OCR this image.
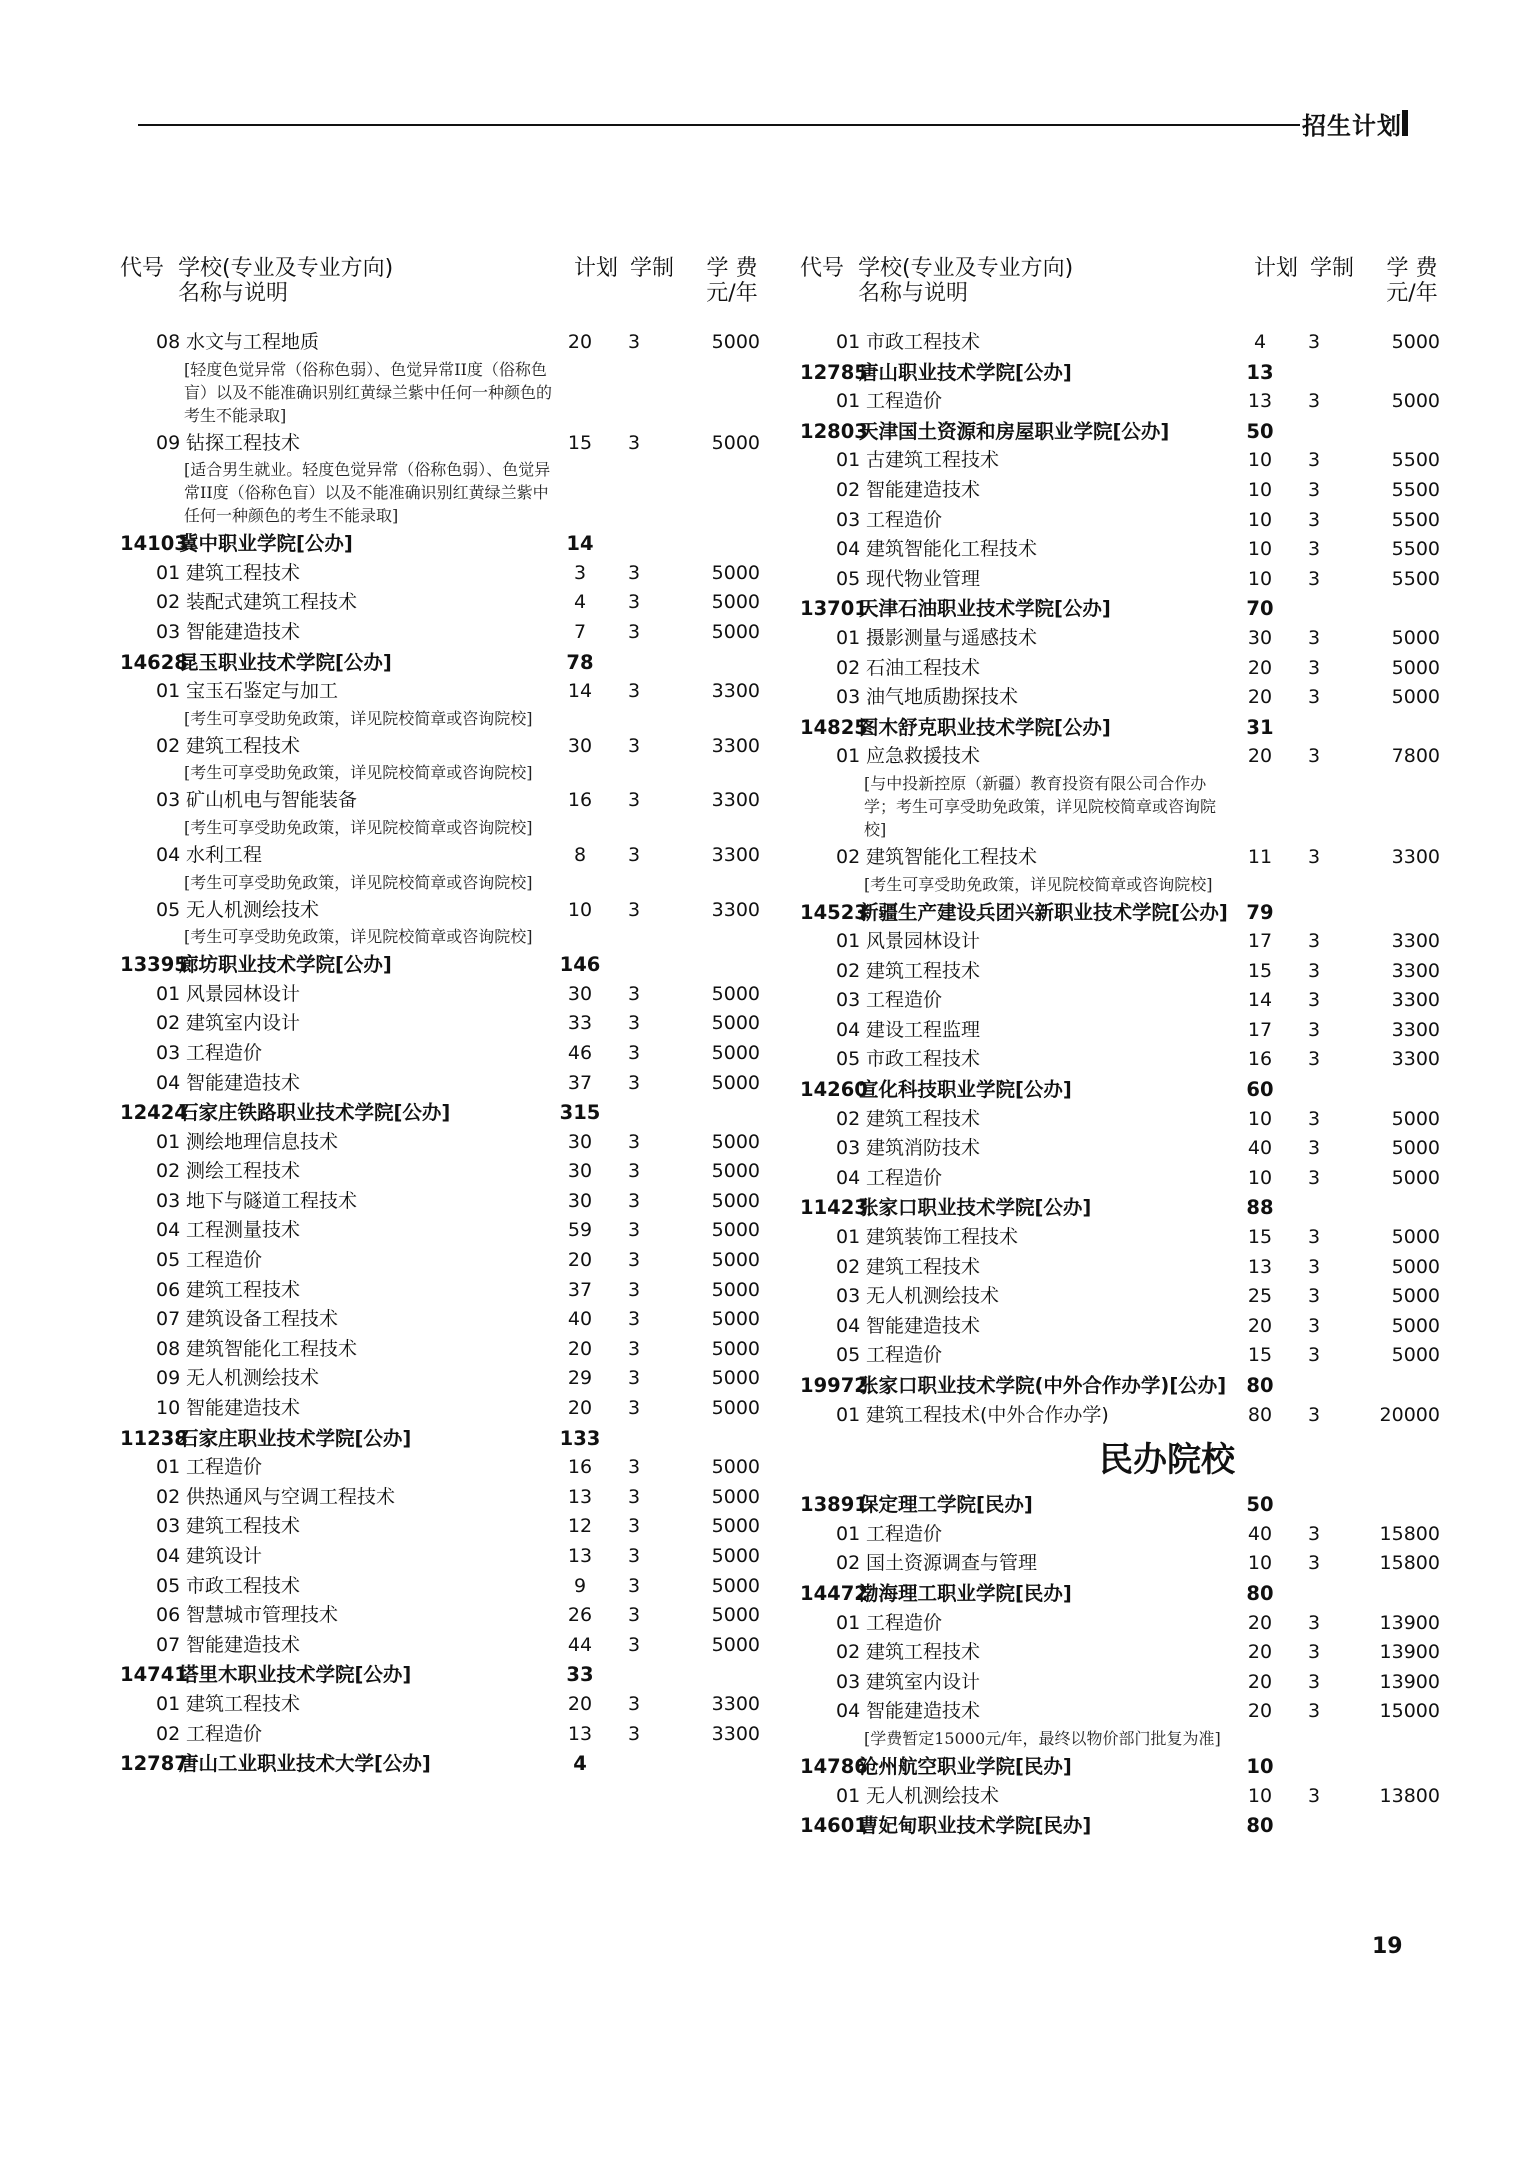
招生计划
代号 学校(专业及专业方向)
名称与说明
计划 学制 学 费
元/年
08 水文与工程地质	20	3	5000
[轻度色觉异常（俗称色弱）、色觉异常II度（俗称色盲）以及不能准确识别红黄绿兰紫中任何一种颜色的考生不能录取]
09 钻探工程技术	15	3	5000
[适合男生就业。轻度色觉异常（俗称色弱）、色觉异常II度（俗称色盲）以及不能准确识别红黄绿兰紫中任何一种颜色的考生不能录取]
14103
冀中职业学院[公办]	14
01 建筑工程技术	3	3	5000
02 装配式建筑工程技术	4	3	5000
03 智能建造技术	7	3	5000
14628
昆玉职业技术学院[公办]	78
01 宝玉石鉴定与加工	14	3	3300
[考生可享受助免政策，详见院校简章或咨询院校]
02 建筑工程技术	30	3	3300
[考生可享受助免政策，详见院校简章或咨询院校]
03 矿山机电与智能装备	16	3	3300
[考生可享受助免政策，详见院校简章或咨询院校]
04 水利工程	8	3	3300
[考生可享受助免政策，详见院校简章或咨询院校]
05 无人机测绘技术	10	3	3300
[考生可享受助免政策，详见院校简章或咨询院校]
13395
廊坊职业技术学院[公办]	146
01 风景园林设计	30	3	5000
02 建筑室内设计	33	3	5000
03 工程造价	46	3	5000
04 智能建造技术	37	3	5000
12424
石家庄铁路职业技术学院[公办]	315
01 测绘地理信息技术	30	3	5000
02 测绘工程技术	30	3	5000
03 地下与隧道工程技术	30	3	5000
04 工程测量技术	59	3	5000
05 工程造价	20	3	5000
06 建筑工程技术	37	3	5000
07 建筑设备工程技术	40	3	5000
08 建筑智能化工程技术	20	3	5000
09 无人机测绘技术	29	3	5000
10 智能建造技术	20	3	5000
11238
石家庄职业技术学院[公办]	133
01 工程造价	16	3	5000
02 供热通风与空调工程技术	13	3	5000
03 建筑工程技术	12	3	5000
04 建筑设计	13	3	5000
05 市政工程技术	9	3	5000
06 智慧城市管理技术	26	3	5000
07 智能建造技术	44	3	5000
14741
塔里木职业技术学院[公办]	33
01 建筑工程技术	20	3	3300
02 工程造价	13	3	3300
12787
唐山工业职业技术大学[公办]	4
代号 学校(专业及专业方向)
名称与说明
计划 学制 学 费
元/年
01 市政工程技术	4	3	5000
12785
唐山职业技术学院[公办]	13
01 工程造价	13	3	5000
12803
天津国土资源和房屋职业学院[公办]	50
01 古建筑工程技术	10	3	5500
02 智能建造技术	10	3	5500
03 工程造价	10	3	5500
04 建筑智能化工程技术	10	3	5500
05 现代物业管理	10	3	5500
13701
天津石油职业技术学院[公办]	70
01 摄影测量与遥感技术	30	3	5000
02 石油工程技术	20	3	5000
03 油气地质勘探技术	20	3	5000
14825
图木舒克职业技术学院[公办]	31
01 应急救援技术	20	3	7800
[与中投新控原（新疆）教育投资有限公司合作办学；考生可享受助免政策，详见院校简章或咨询院校]
02 建筑智能化工程技术	11	3	3300
[考生可享受助免政策，详见院校简章或咨询院校]
14523
新疆生产建设兵团兴新职业技术学院[公办] 79
01 风景园林设计	17	3	3300
02 建筑工程技术	15	3	3300
03 工程造价	14	3	3300
04 建设工程监理	17	3	3300
05 市政工程技术	16	3	3300
14260
宣化科技职业学院[公办]	60
02 建筑工程技术	10	3	5000
03 建筑消防技术	40	3	5000
04 工程造价	10	3	5000
11423
张家口职业技术学院[公办]	88
01 建筑装饰工程技术	15	3	5000
02 建筑工程技术	13	3	5000
03 无人机测绘技术	25	3	5000
04 智能建造技术	20	3	5000
05 工程造价	15	3	5000
19972
张家口职业技术学院(中外合作办学)[公办]	80
01 建筑工程技术(中外合作办学)	80	3	20000
民办院校
13891
保定理工学院[民办]	50
01 工程造价	40	3	15800
02 国土资源调查与管理	10	3	15800
14472
渤海理工职业学院[民办]	80
01 工程造价	20	3	13900
02 建筑工程技术	20	3	13900
03 建筑室内设计	20	3	13900
04 智能建造技术	20	3	15000
[学费暂定15000元/年，最终以物价部门批复为准]
14786
沧州航空职业学院[民办]	10
01 无人机测绘技术	10	3	13800
14601
曹妃甸职业技术学院[民办]	80
19
